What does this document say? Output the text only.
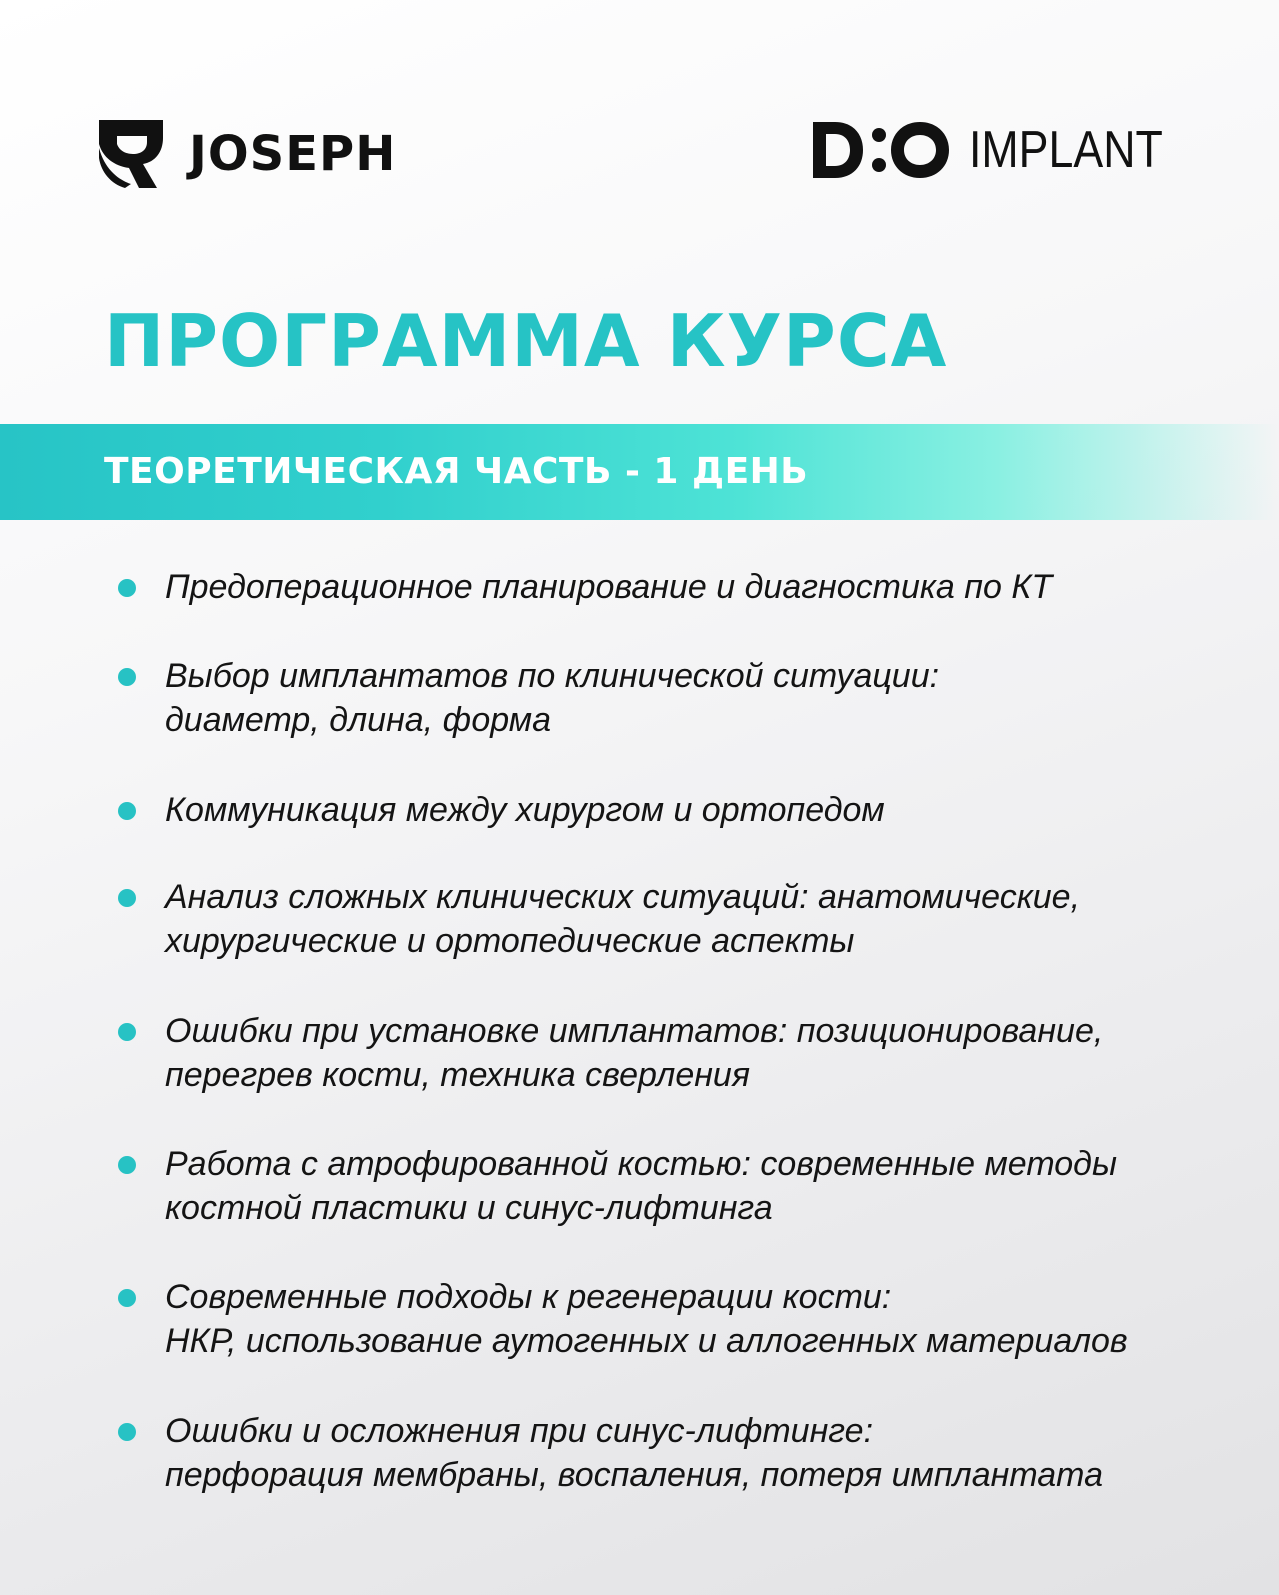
JOSEPH	IMPLANT
ПРОГРАММА КУРСА
ТЕОРЕТИЧЕСКАЯ ЧАСТЬ - 1 ДЕНЬ
Предоперационное планирование и диагностика по КТ
Выбор имплантатов по клинической ситуации:
диаметр, длина, форма
Коммуникация между хирургом и ортопедом
Анализ сложных клинических ситуаций: анатомические,
хирургические и ортопедические аспекты
Ошибки при установке имплантатов: позиционирование,
перегрев кости, техника сверления
Работа с атрофированной костью: современные методы
костной пластики и синус-лифтинга
Современные подходы к регенерации кости:
НКР, использование аутогенных и аллогенных материалов
Ошибки и осложнения при синус-лифтинге:
перфорация мембраны, воспаления, потеря имплантата
